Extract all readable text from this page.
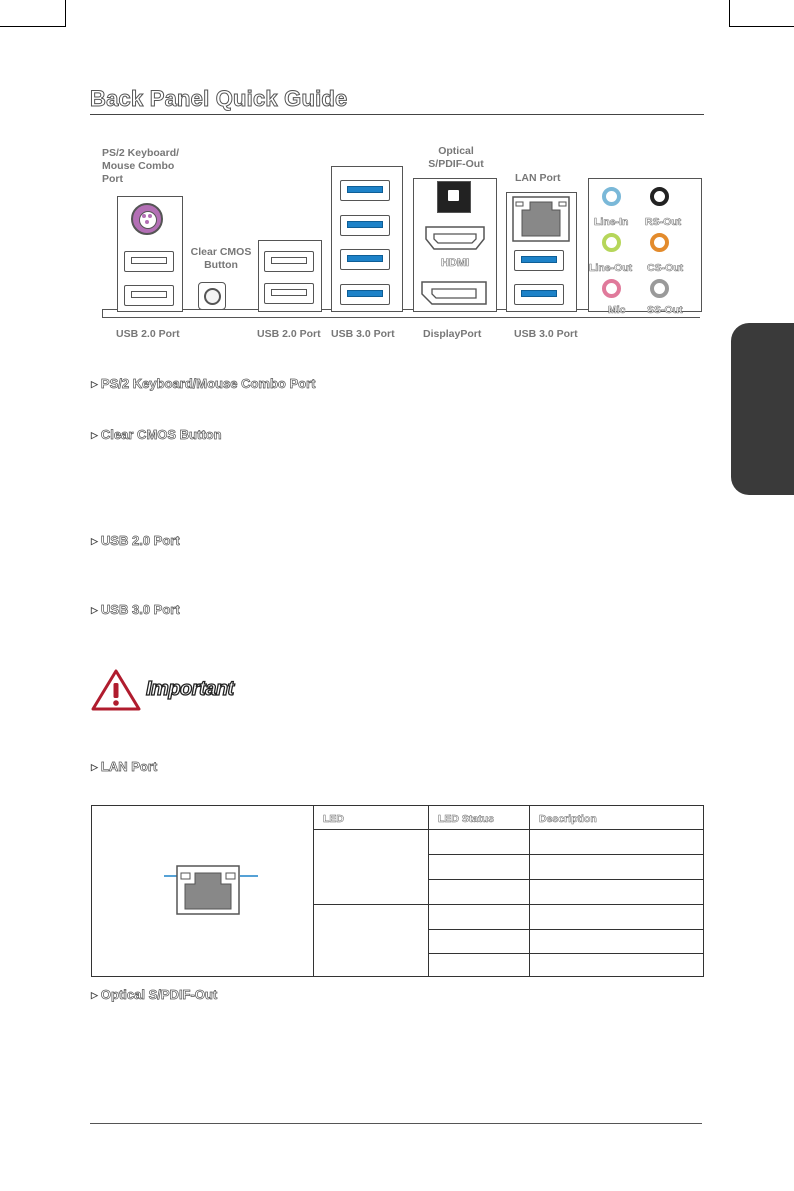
Back Panel Quick Guide
PS/2 Keyboard/
Mouse Combo
Port
Clear CMOS
Button
Optical
S/PDIF-Out
LAN Port
HDMI
Line-In RS-Out
Line-Out CS-Out
Mic SS-Out
USB 2.0 Port	USB 2.0 Port USB 3.0 Port	DisplayPort	USB 3.0 Port
▷ PS/2 Keyboard/Mouse Combo Port
▷ Clear CMOS Button
▷ USB 2.0 Port
▷ USB 3.0 Port
Important
▷ LAN Port
LED	LED Status	Description
▷ Optical S/PDIF-Out
